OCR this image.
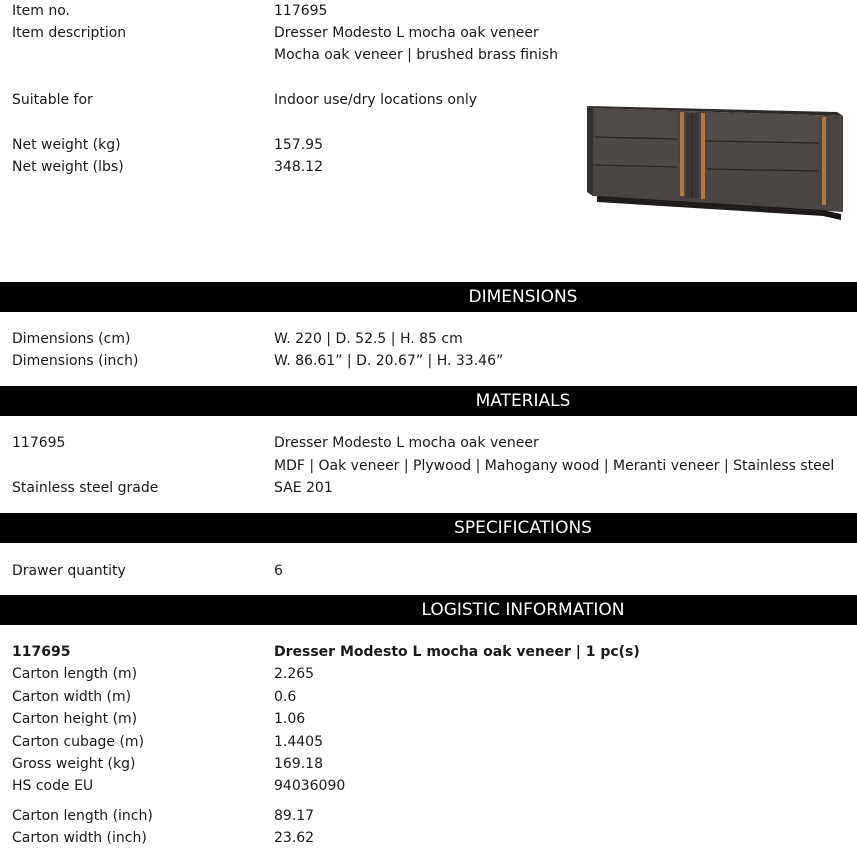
Item no.	117695
Item description	Dresser Modesto L mocha oak veneer
Mocha oak veneer | brushed brass finish
Suitable for	Indoor use/dry locations only
Net weight (kg)	157.95
Net weight (lbs)	348.12
DIMENSIONS
Dimensions (cm)	W. 220 | D. 52.5 | H. 85 cm
Dimensions (inch)	W. 86.61” | D. 20.67” | H. 33.46”
MATERIALS
117695	Dresser Modesto L mocha oak veneer
MDF | Oak veneer | Plywood | Mahogany wood | Meranti veneer | Stainless steel
Stainless steel grade	SAE 201
SPECIFICATIONS
Drawer quantity	6
LOGISTIC INFORMATION
117695	Dresser Modesto L mocha oak veneer | 1 pc(s)
Carton length (m)	2.265
Carton width (m)	0.6
Carton height (m)	1.06
Carton cubage (m)	1.4405
Gross weight (kg)	169.18
HS code EU	94036090
Carton length (inch)	89.17
Carton width (inch)	23.62
